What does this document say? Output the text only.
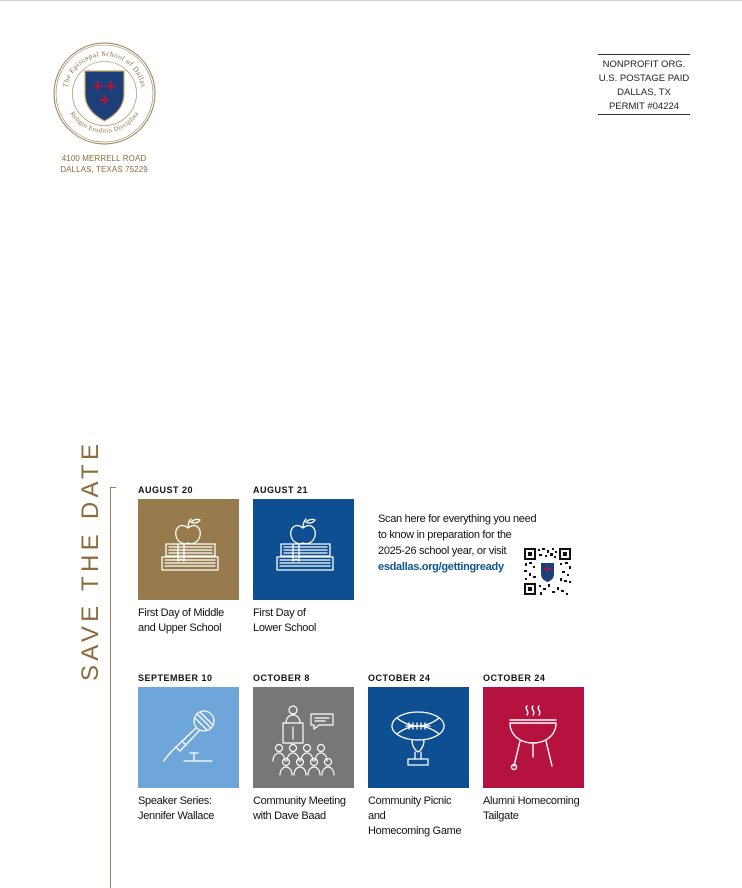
The Episcopal School of Dallas
Religio Eruditio Disciplina
4100 MERRELL ROAD
DALLAS, TEXAS 75229
NONPROFIT ORG.
U.S. POSTAGE PAID
DALLAS, TX
PERMIT #04224
SAVE THE DATE	AUGUST 20
First Day of Middle
and Upper School
AUGUST 21
First Day of
Lower School
Scan here for everything you need
to know in preparation for the
2025-26 school year, or visit
esdallas.org/gettingready
SEPTEMBER 10
Speaker Series:
Jennifer Wallace
OCTOBER 8
Community Meeting
with Dave Baad
OCTOBER 24
Community Picnic and
Homecoming Game
OCTOBER 24
Alumni Homecoming
Tailgate
